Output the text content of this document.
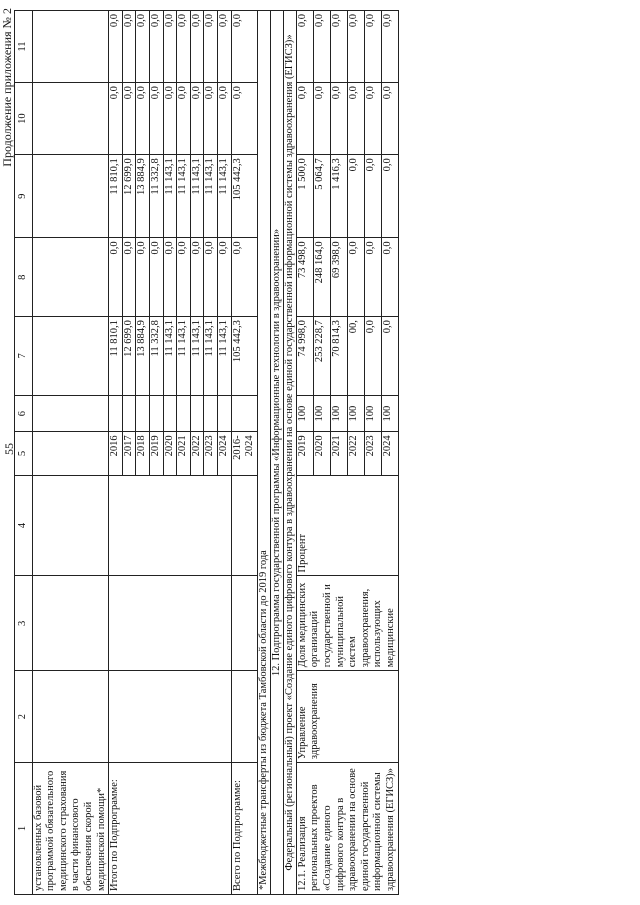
55
Продолжение приложения № 2
1	2	3	4	5	6	7	8	9	10	11
установленных базовой программой обязательного медицинского страхования в части финансового обеспечения скорой медицинской помощи*										
Итого по Подпрограмме:				2016		11 810,1	0,0	11 810,1	0,0	0,0
				2017		12 699,0	0,0	12 699,0	0,0	0,0
				2018		13 884,9	0,0	13 884,9	0,0	0,0
				2019		11 332,8	0,0	11 332,8	0,0	0,0
				2020		11 143,1	0,0	11 143,1	0,0	0,0
				2021		11 143,1	0,0	11 143,1	0,0	0,0
				2022		11 143,1	0,0	11 143,1	0,0	0,0
				2023		11 143,1	0,0	11 143,1	0,0	0,0
				2024		11 143,1	0,0	11 143,1	0,0	0,0
Всего по Подпрограмме:				2016-2024		105 442,3	0,0	105 442,3	0,0	0,0
*Межбюджетные трансферты из бюджета Тамбовской области до 2019 года										
12. Подпрограмма государственной программы «Информационные технологии в здравоохранении»										
Федеральный (региональный) проект «Создание единого цифрового контура в здравоохранении на основе единой государственной информационной системы здравоохранения (ЕГИСЗ)»										
12.1. Реализация региональных проектов «Создание единого цифрового контура в здравоохранении на основе единой государственной информационной системы здравоохранения (ЕГИСЗ)»	Управление здравоохранения	Доля медицинских организаций государственной и муниципальной систем здравоохранения, использующих медицинские	Процент	2019	100	74 998,0	73 498,0	1 500,0	0,0	0,0
				2020	100	253 228,7	248 164,0	5 064,7	0,0	0,0
				2021	100	70 814,3	69 398,0	1 416,3	0,0	0,0
				2022	100	00,	0,0	0,0	0,0	0,0
				2023	100	0,0	0,0	0,0	0,0	0,0
				2024	100	0,0	0,0	0,0	0,0	0,0
